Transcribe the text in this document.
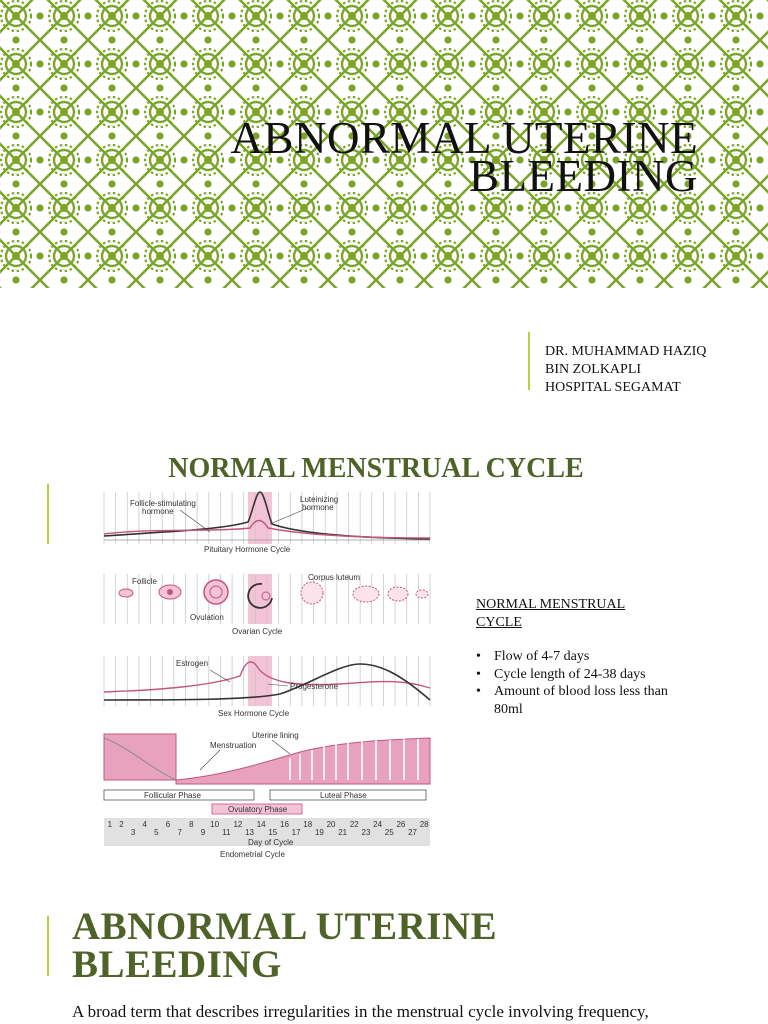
ABNORMAL UTERINE
BLEEDING
DR. MUHAMMAD HAZIQ
BIN ZOLKAPLI
HOSPITAL SEGAMAT
NORMAL MENSTRUAL CYCLE
Follicle-stimulating
hormone
Luteinizing
hormone
Pituitary Hormone Cycle
Follicle	Corpus luteum
Ovulation
Ovarian Cycle
Estrogen
Progesterone
Sex Hormone Cycle
Menstruation
Uterine lining
Follicular Phase	Luteal Phase
Ovulatory Phase
1 2 4 6 8 10 12 14 16 18 20 22 24 26 28
3 5 7 9 11 13 15 17 19 21 23 25 27
Day of Cycle
Endometrial Cycle
NORMAL MENSTRUAL
CYCLE
• Flow of 4-7 days
• Cycle length of 24-38 days
• Amount of blood loss less than 80ml
ABNORMAL UTERINE
BLEEDING
A broad term that describes irregularities in the menstrual cycle involving frequency,
